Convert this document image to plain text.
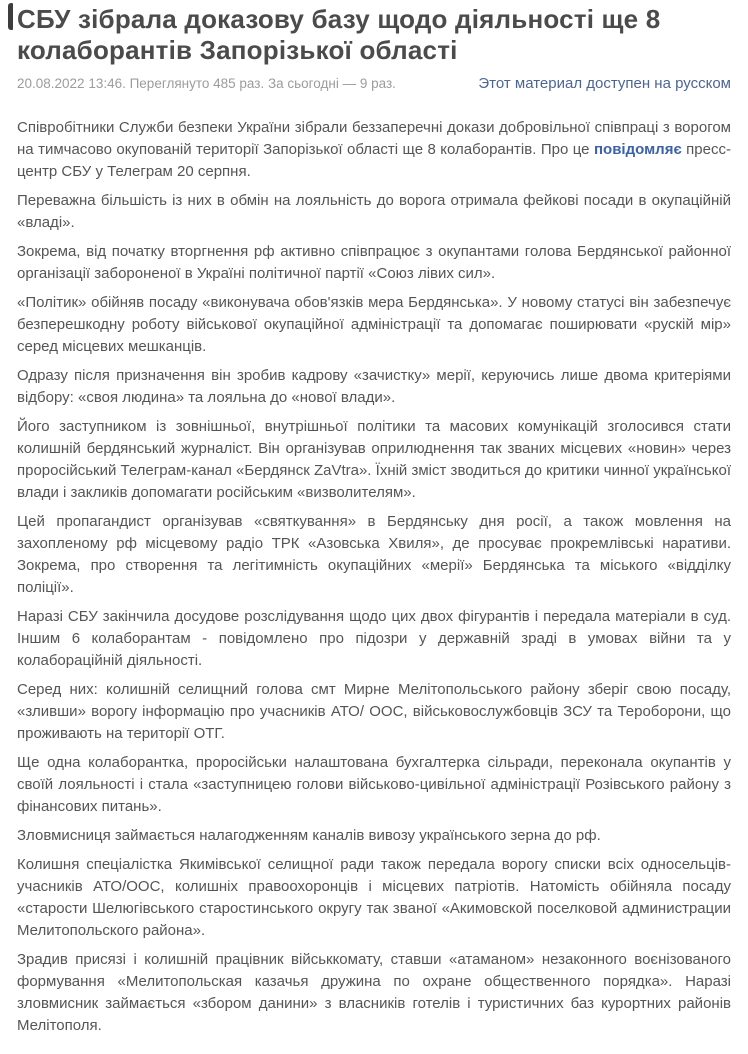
СБУ зібрала доказову базу щодо діяльності ще 8 колаборантів Запорізької області
20.08.2022 13:46. Переглянуто 485 раз. За сьогодні — 9 раз.	Этот материал доступен на русском

Співробітники Служби безпеки України зібрали беззаперечні докази добровільної співпраці з ворогом на тимчасово окупованій території Запорізької області ще 8 колаборантів. Про це повідомляє пресс-центр СБУ у Телеграм 20 серпня.

Переважна більшість із них в обмін на лояльність до ворога отримала фейкові посади в окупаційній «владі».

Зокрема, від початку вторгнення рф активно співпрацює з окупантами голова Бердянської районної організації забороненої в Україні політичної партії «Союз лівих сил».

«Політик» обійняв посаду «виконувача обов'язків мера Бердянська». У новому статусі він забезпечує безперешкодну роботу військової окупаційної адміністрації та допомагає поширювати «рускій мір» серед місцевих мешканців.

Одразу після призначення він зробив кадрову «зачистку» мерії, керуючись лише двома критеріями відбору: «своя людина» та лояльна до «нової влади».

Його заступником із зовнішньої, внутрішньої політики та масових комунікацій зголосився стати колишній бердянський журналіст. Він організував оприлюднення так званих місцевих «новин» через проросійський Телеграм-канал «Бердянск ZaVtra». Їхній зміст зводиться до критики чинної української влади і закликів допомагати російським «визволителям».

Цей пропагандист організував «святкування» в Бердянську дня росії, а також мовлення на захопленому рф місцевому радіо ТРК «Азовська Хвиля», де просуває прокремлівські наративи. Зокрема, про створення та легітимність окупаційних «мерії» Бердянська та міського «відділку поліції».

Наразі СБУ закінчила досудове розслідування щодо цих двох фігурантів і передала матеріали в суд. Іншим 6 колаборантам - повідомлено про підозри у державній зраді в умовах війни та у колабораційній діяльності.

Серед них: колишній селищний голова смт Мирне Мелітопольського району зберіг свою посаду, «зливши» ворогу інформацію про учасників АТО/ ООС, військовослужбовців ЗСУ та Тероборони, що проживають на території ОТГ.

Ще одна колаборантка, проросійськи налаштована бухгалтерка сільради, переконала окупантів у своїй лояльності і стала «заступницею голови військово-цивільної адміністрації Розівського району з фінансових питань».

Зловмисниця займається налагодженням каналів вивозу українського зерна до рф.

Колишня спеціалістка Якимівської селищної ради також передала ворогу списки всіх односельців-учасників АТО/ООС, колишніх правоохоронців і місцевих патріотів. Натомість обійняла посаду «старости Шелюгівського старостинського округу так званої «Акимовской поселковой администрации Мелитопольского района».

Зрадив присязі і колишній працівник військкомату, ставши «атаманом» незаконного воєнізованого формування «Мелитопольская казачья дружина по охране общественного порядка». Наразі зловмисник займається «збором данини» з власників готелів і туристичних баз курортних районів Мелітополя.
